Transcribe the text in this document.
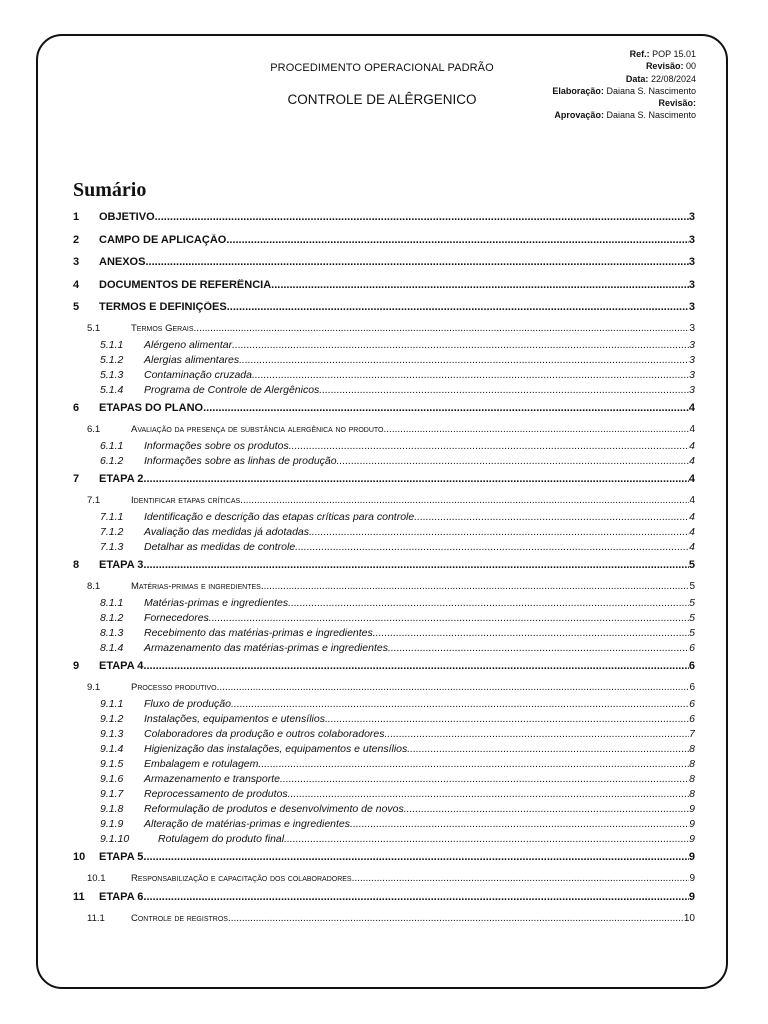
PROCEDIMENTO OPERACIONAL PADRÃO
CONTROLE DE ALÊRGENICO
Ref.: POP 15.01
Revisão: 00
Data: 22/08/2024
Elaboração: Daiana S. Nascimento
Revisão:
Aprovação: Daiana S. Nascimento
Sumário
1	OBJETIVO .....	3
2	CAMPO DE APLICAÇÃO .....	3
3	ANEXOS .....	3
4	DOCUMENTOS DE REFERÊNCIA .....	3
5	TERMOS E DEFINIÇÕES .....	3
5.1	Termos Gerais .....	3
5.1.1	Alérgeno alimentar .....	3
5.1.2	Alergias alimentares .....	3
5.1.3	Contaminação cruzada .....	3
5.1.4	Programa de Controle de Alergênicos .....	3
6	ETAPAS DO PLANO .....	4
6.1	Avaliação da presença de substância alergênica no produto .....	4
6.1.1	Informações sobre os produtos .....	4
6.1.2	Informações sobre as linhas de produção .....	4
7	ETAPA 2 .....	4
7.1	Identificar etapas críticas .....	4
7.1.1	Identificação e descrição das etapas críticas para controle .....	4
7.1.2	Avaliação das medidas já adotadas .....	4
7.1.3	Detalhar as medidas de controle .....	4
8	ETAPA 3 .....	5
8.1	Matérias-primas e ingredientes .....	5
8.1.1	Matérias-primas e ingredientes .....	5
8.1.2	Fornecedores .....	5
8.1.3	Recebimento das matérias-primas e ingredientes .....	5
8.1.4	Armazenamento das matérias-primas e ingredientes .....	6
9	ETAPA 4 .....	6
9.1	Processo produtivo .....	6
9.1.1	Fluxo de produção .....	6
9.1.2	Instalações, equipamentos e utensílios .....	6
9.1.3	Colaboradores da produção e outros colaboradores .....	7
9.1.4	Higienização das instalações, equipamentos e utensílios .....	8
9.1.5	Embalagem e rotulagem .....	8
9.1.6	Armazenamento e transporte .....	8
9.1.7	Reprocessamento de produtos .....	8
9.1.8	Reformulação de produtos e desenvolvimento de novos .....	9
9.1.9	Alteração de matérias-primas e ingredientes .....	9
9.1.10	Rotulagem do produto final .....	9
10	ETAPA 5 .....	9
10.1	Responsabilização e capacitação dos colaboradores .....	9
11	ETAPA 6 .....	9
11.1	Controle de registros .....	10
